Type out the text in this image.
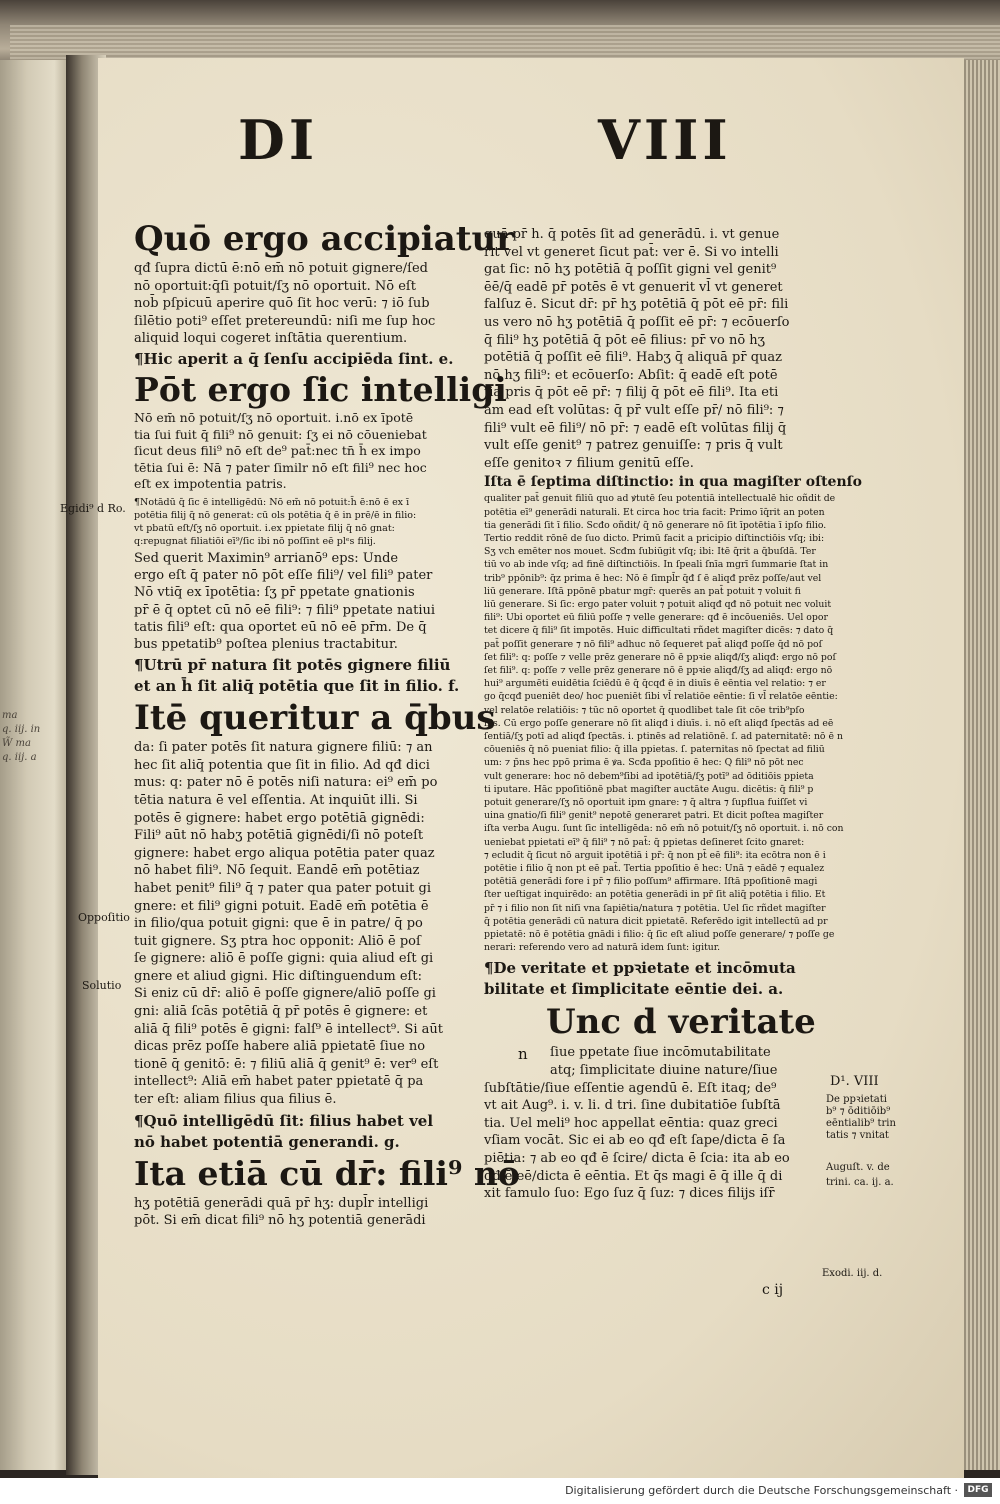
ma
q. iij. in
W̃ ma
q. iij. a
DI	VIII
Quō ergo accipiatur
qđ ſupra dictū ē:nō em̄ nō potuit gignere/ſed
nō oportuit:q̄ſi potuit/ſʒ nō oportuit. Nō eſt
nob̄ pſpicuū aperire quō ſit hoc verū: ⁊ iō ſub
ſilētio poti⁹ eſſet pretereundū: niſi me ſup hoc
aliquid loqui cogeret inſtātia querentium.
¶Hic aperit a q̄ ſenſu accipiēda ſint. e.
Pōt ergo ſic intelligi
Nō em̄ nō potuit/ſʒ nō oportuit. i.nō ex īpotē
tia ſui fuit q̄ fili⁹ nō genuit: ſʒ ei nō cōueniebat
ſicut deus fili⁹ nō eſt de⁹ pat̄:nec tn̄ h̄ ex impo
tētia ſui ē: Nā ⁊ pater ſimilr nō eſt fili⁹ nec hoc
eſt ex impotentia patris.
¶Notādū q̄ ſic ē intelligēdū: Nō em̄ nō potuit:h̄ ē:nō ē ex ī
potētia filij q̄ nō generat: cū ols potētia q̄ ē in prē/ē in filio:
vt pbatū eſt/ſʒ nō oportuit. i.ex ppietate filij q̄ nō gnat:
q:repugnat filiatiōi eī⁹/ſic ibi nō poſſint eē plᵉs filij.
Sed querit Maximin⁹ arrianō⁹ eps: Unde
ergo eſt q̄ pater nō pōt eſſe fili⁹/ vel fili⁹ pater
Nō vtiq̄ ex īpotētia: ſʒ pr̄ ppetate gnationis
pr̄ ē q̄ optet cū nō eē fili⁹: ⁊ fili⁹ ppetate natiui
tatis fili⁹ eſt: qua oportet eū nō eē pr̄m. De q̄
bus ppetatib⁹ poſtea plenius tractabitur.
¶Utrū pr̄ natura ſit potēs gignere filiū
et an h̄ ſit aliq̄ potētia que ſit in filio. f.
Itē queritur a q̄bus
da: ſi pater potēs ſit natura gignere filiū: ⁊ an
hec ſit aliq̄ potentia que ſit in filio. Ad qđ dici
mus: q: pater nō ē potēs niſi natura: ei⁹ em̄ po
tētia natura ē vel eſſentia. At inquiūt illi. Si
potēs ē gignere: habet ergo potētiā gignēdi:
Fili⁹ aūt nō habʒ potētiā gignēdi/ſi nō poteſt
gignere: habet ergo aliqua potētia pater quaz
nō habet fili⁹. Nō ſequit. Eandē em̄ potētiaz
habet penit⁹ fili⁹ q̄ ⁊ pater qua pater potuit gi
gnere: et fili⁹ gigni potuit. Eadē em̄ potētia ē
in filio/qua potuit gigni: que ē in patre/ q̄ po
tuit gignere. Sʒ ptra hoc opponit: Aliō ē poſ
ſe gignere: aliō ē poſſe gigni: quia aliud eſt gi
gnere et aliud gigni. Hic diſtinguendum eſt:
Si eniz cū dr̄: aliō ē poſſe gignere/aliō poſſe gi
gni: aliā ſcās potētiā q̄ pr̄ potēs ē gignere: et
aliā q̄ fili⁹ potēs ē gigni: falſ⁹ ē intellect⁹. Si aūt
dicas prēz poſſe habere aliā ppietatē ſiue no
tionē q̄ genitō: ē: ⁊ filiū aliā q̄ genit⁹ ē: ver⁹ eſt
intellect⁹: Aliā em̄ habet pater ppietatē q̄ pa
ter eſt: aliam filius qua filius ē.
¶Quō intelligēdū ſit: filius habet vel
nō habet potentiā generandi. g.
Ita etiā cū dr̄: fili⁹ nō
hʒ potētiā generādi quā pr̄ hʒ: dupl̄r intelligi
pōt. Si em̄ dicat fili⁹ nō hʒ potentiā generādi
quā pr̄ h. q̄ potēs ſit ad generādū. i. vt genue
rit vel vt generet ſicut pat̄: ver ē. Si vo intelli
gat ſic: nō hʒ potētiā q̄ poſſit gigni vel genit⁹
ēē/q̄ eadē pr̄ potēs ē vt genuerit vl̄ vt generet
falſuz ē. Sicut dr̄: pr̄ hʒ potētiā q̄ pōt eē pr̄: fili
us vero nō hʒ potētiā q̄ poſſit eē pr̄: ⁊ ecōuerſo
q̄ fili⁹ hʒ potētiā q̄ pōt eē filius: pr̄ vo nō hʒ
potētiā q̄ poſſit eē fili⁹. Habʒ q̄ aliquā pr̄ quaz
nō hʒ fili⁹: et ecōuerſo: Abſit: q̄ eadē eſt potē
tia pris q̄ pōt eē pr̄: ⁊ filij q̄ pōt eē fili⁹. Ita eti
am ead eſt volūtas: q̄ pr̄ vult eſſe pr̄/ nō fili⁹: ⁊
fili⁹ vult eē fili⁹/ nō pr̄: ⁊ eadē eſt volūtas filij q̄
vult eſſe genit⁹ ⁊ patrez genuiſſe: ⁊ pris q̄ vult
eſſe genitoꝛ ⁊ filium genitū eſſe.
Iſta ē ſeptima diſtinctio: in qua magiſter oſtenſo
qualiter pat̄ genuit filiū quo ad ꝟtutē ſeu potentiā intellectualē hic oñdit de
potētia eī⁹ generādi naturali. Et circa hoc tria facit: Primo īq̄rit an poten
tia generādi ſit ī filio. Scđo oñdit/ q̄ nō generare nō ſit īpotētia ī ipſo filio.
Tertio reddit rōnē de ſuo dicto. Primū facit a pricipio diſtinctiōis vſq; ibi:
Sʒ vch emēter nos mouet. Scđm ſubiūgit vſq; ibi: Itē q̄rit a q̄buſdā. Ter
tiū vo ab inde vſq; ad finē diſtinctiōis. In ſpeali ſnīa mgrī ſummarie ſtat in
trib⁹ ppōnib⁹: q̄z prima ē hec: Nō ē ſimpl̄r q̄đ ſ ē aliqđ prēz poſſe/aut vel
liū generare. Iſtā ppōnē pbatur mgr̄: querēs an pat̄ potuit ⁊ voluit fi
liū generare. Si ſic: ergo pater voluit ⁊ potuit aliqđ qđ nō potuit nec voluit
fili⁹: Ubi oportet eū filiū poſſe ⁊ velle generare: qđ ē incōueniēs. Uel opor
tet dicere q̄ fili⁹ ſit impotēs. Huic difficultati rñdet magiſter dicēs: ⁊ dato q̄
pat̄ poſſit generare ⁊ nō fili⁹ adhuc nō ſequeret pat̄ aliqđ poſſe q̄d nō poſ
ſet fili⁹: q: poſſe ⁊ velle prēz generare nō ē ppꝛie aliqđ/ſʒ aliqđ: ergo nō poſ
ſet fili⁹. q: poſſe ⁊ velle prēz generare nō ē ppꝛie aliqđ/ſʒ ad aliqđ: ergo nō
hui⁹ argumēti euidētia ſciēdū ē q̄ q̄cqđ ē in diuīs ē eēntia vel relatio: ⁊ er
go q̄cqđ pueniēt deo/ hoc pueniēt ſibi vl̄ relatiōe eēntie: ſi vl̄ relatōe eēntie:
vel relatōe relatiōis: ⁊ tūc nō oportet q̄ quodlibet tale ſit cōe trib⁹pſo
nis. Cū ergo poſſe generare nō ſit aliqđ i diuīs. i. nō eſt aliqđ ſpectās ad eē
ſentiā/ſʒ potī ad aliqđ ſpectās. i. ptinēs ad relatiōnē. ſ. ad paternitatē: nō ē n
cōueniēs q̄ nō pueniat filio: q̄ illa ppietas. ſ. paternitas nō ſpectat ad filiū
um: ⁊ p̄ns hec ppō prima ē ꝟa. Scđa ppoſitio ē hec: Q fili⁹ nō pōt nec
vult generare: hoc nō debem⁹ſibi ad ipotētiā/ſʒ potī⁹ ad ōditiōis ppieta
ti iputare. Hāc ppoſitiōnē pbat magiſter auctāte Augu. dicētis: q̄ fili⁹ p
potuit generare/ſʒ nō oportuit ipm gnare: ⁊ q̄ altra ⁊ ſupflua fuiſſet vi
uina gnatio/ſi fili⁹ genit⁹ nepotē generaret patri. Et dicit poſtea magiſter
iſta verba Augu. ſunt ſic intelligēda: nō em̄ nō potuit/ſʒ nō oportuit. i. nō con
ueniebat ppietati eī⁹ q̄ fili⁹ ⁊ nō pat̄: q̄ ppietas deſineret ſcito gnaret:
⁊ ecludit q̄ ſicut nō arguit ipotētiā i pr̄: q̄ non pt̄ eē fili⁹: ita ecōtra non ē i
potētie i filio q̄ non pt eē pat̄. Tertia ppoſitio ē hec: Unā ⁊ eādē ⁊ equalez
potētiā generādi fore i pr̄ ⁊ filio poſſum⁹ affirmare. Iſtā ppoſitionē magi
ſter ueſtigat inquirēdo: an potētia generādi in pr̄ ſit aliq̄ potētia i filio. Et
pr̄ ⁊ i filio non ſit niſi vna ſapiētia/natura ⁊ potētia. Uel ſic rñdet magiſter
q̄ potētia generādi cū natura dicit ppietatē. Referēdo igit intellectū ad pr
ppietatē: nō ē potētia gnādi i filio: q̄ ſic eſt aliud poſſe generare/ ⁊ poſſe ge
nerari: referendo vero ad naturā idem ſunt: igitur.
¶De veritate et ppꝛietate et incōmuta
bilitate et ſimplicitate eēntie dei. a.
Unc d veritate
n	ſiue ppetate ſiue incōmutabilitate
atq; ſimplicitate diuine nature/ſiue
ſubſtātie/ſiue eſſentie agendū ē. Eſt itaq; de⁹
vt ait Aug⁹. i. v. li. d tri. ſine dubitatiōe ſubſtā
tia. Uel meli⁹ hoc appellat eēntia: quaz greci
vſiam vocāt. Sic ei ab eo qđ eſt ſape/dicta ē ſa
piētia: ⁊ ab eo qđ ē ſcire/ dicta ē ſcia: ita ab eo
qđ ē eē/dicta ē eēntia. Et q̄s magi ē q̄ ille q̄ di
xit famulo ſuo: Ego ſuz q̄ ſuz: ⁊ dices filijs iſr̄
c ij
Egidi⁹ d Ro.
Oppoſitio
Solutio
D¹. VIII
De ppꝛietati
b⁹ ⁊ ōditiōib⁹
eēntialib⁹ trin
tatis ⁊ vnitat
Auguſt. v. de
trini. ca. ij. a.
Exodi. iij. d.
Digitalisierung gefördert durch die Deutsche Forschungsgemeinschaft ·	DFG
